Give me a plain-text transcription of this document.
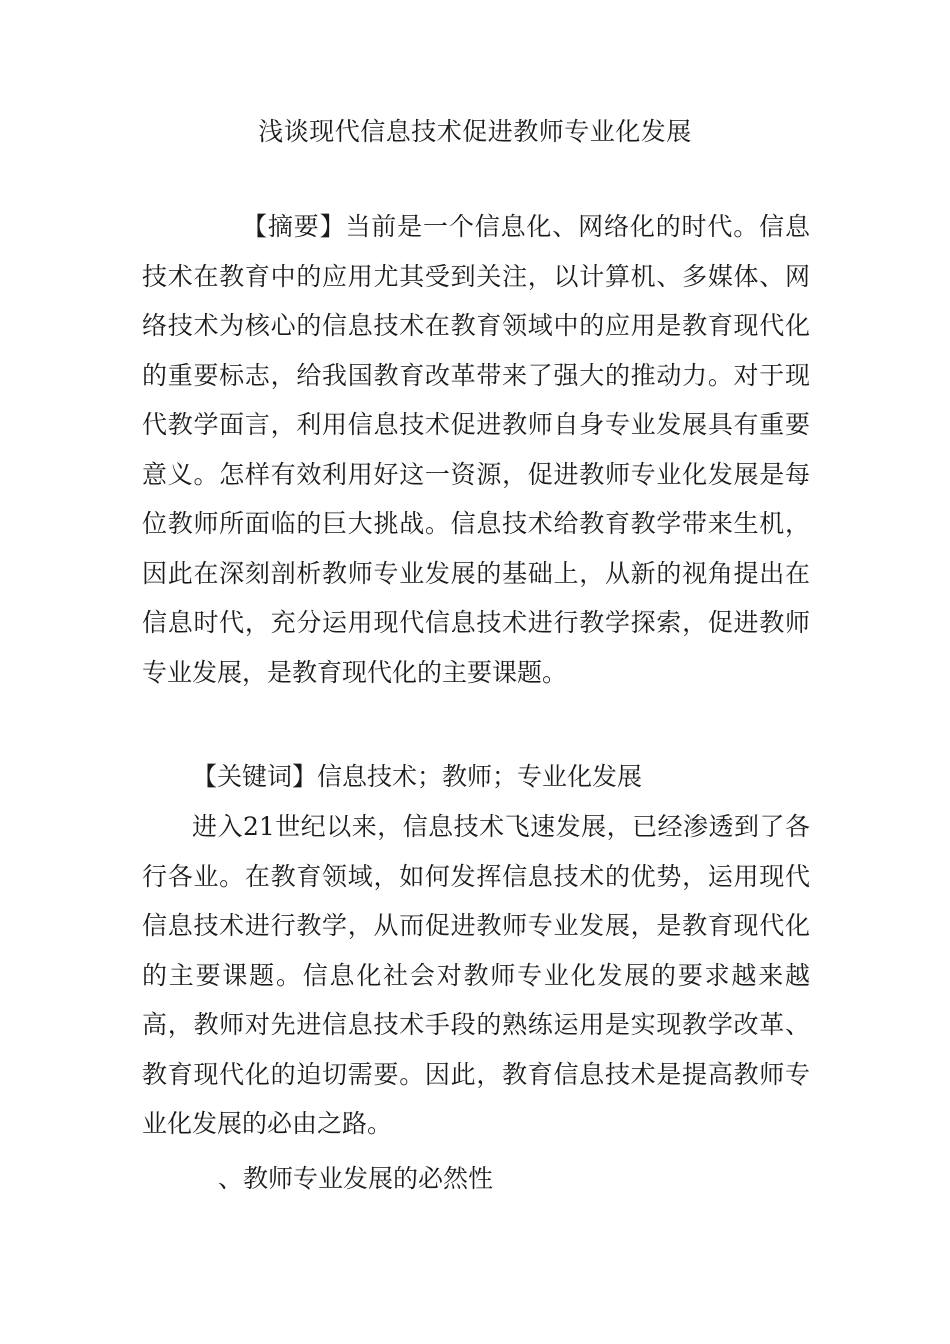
浅谈现代信息技术促进教师专业化发展
【摘要】当前是一个信息化、网络化的时代。信息技术在教育中的应用尤其受到关注，以计算机、多媒体、网络技术为核心的信息技术在教育领域中的应用是教育现代化的重要标志，给我国教育改革带来了强大的推动力。对于现代教学面言，利用信息技术促进教师自身专业发展具有重要意义。怎样有效利用好这一资源，促进教师专业化发展是每位教师所面临的巨大挑战。信息技术给教育教学带来生机，因此在深刻剖析教师专业发展的基础上，从新的视角提出在信息时代，充分运用现代信息技术进行教学探索，促进教师专业发展，是教育现代化的主要课题。
【关键词】信息技术；教师；专业化发展
进入21世纪以来，信息技术飞速发展，已经渗透到了各行各业。在教育领域，如何发挥信息技术的优势，运用现代信息技术进行教学，从而促进教师专业发展，是教育现代化的主要课题。信息化社会对教师专业化发展的要求越来越高，教师对先进信息技术手段的熟练运用是实现教学改革、教育现代化的迫切需要。因此，教育信息技术是提高教师专业化发展的必由之路。
、教师专业发展的必然性
